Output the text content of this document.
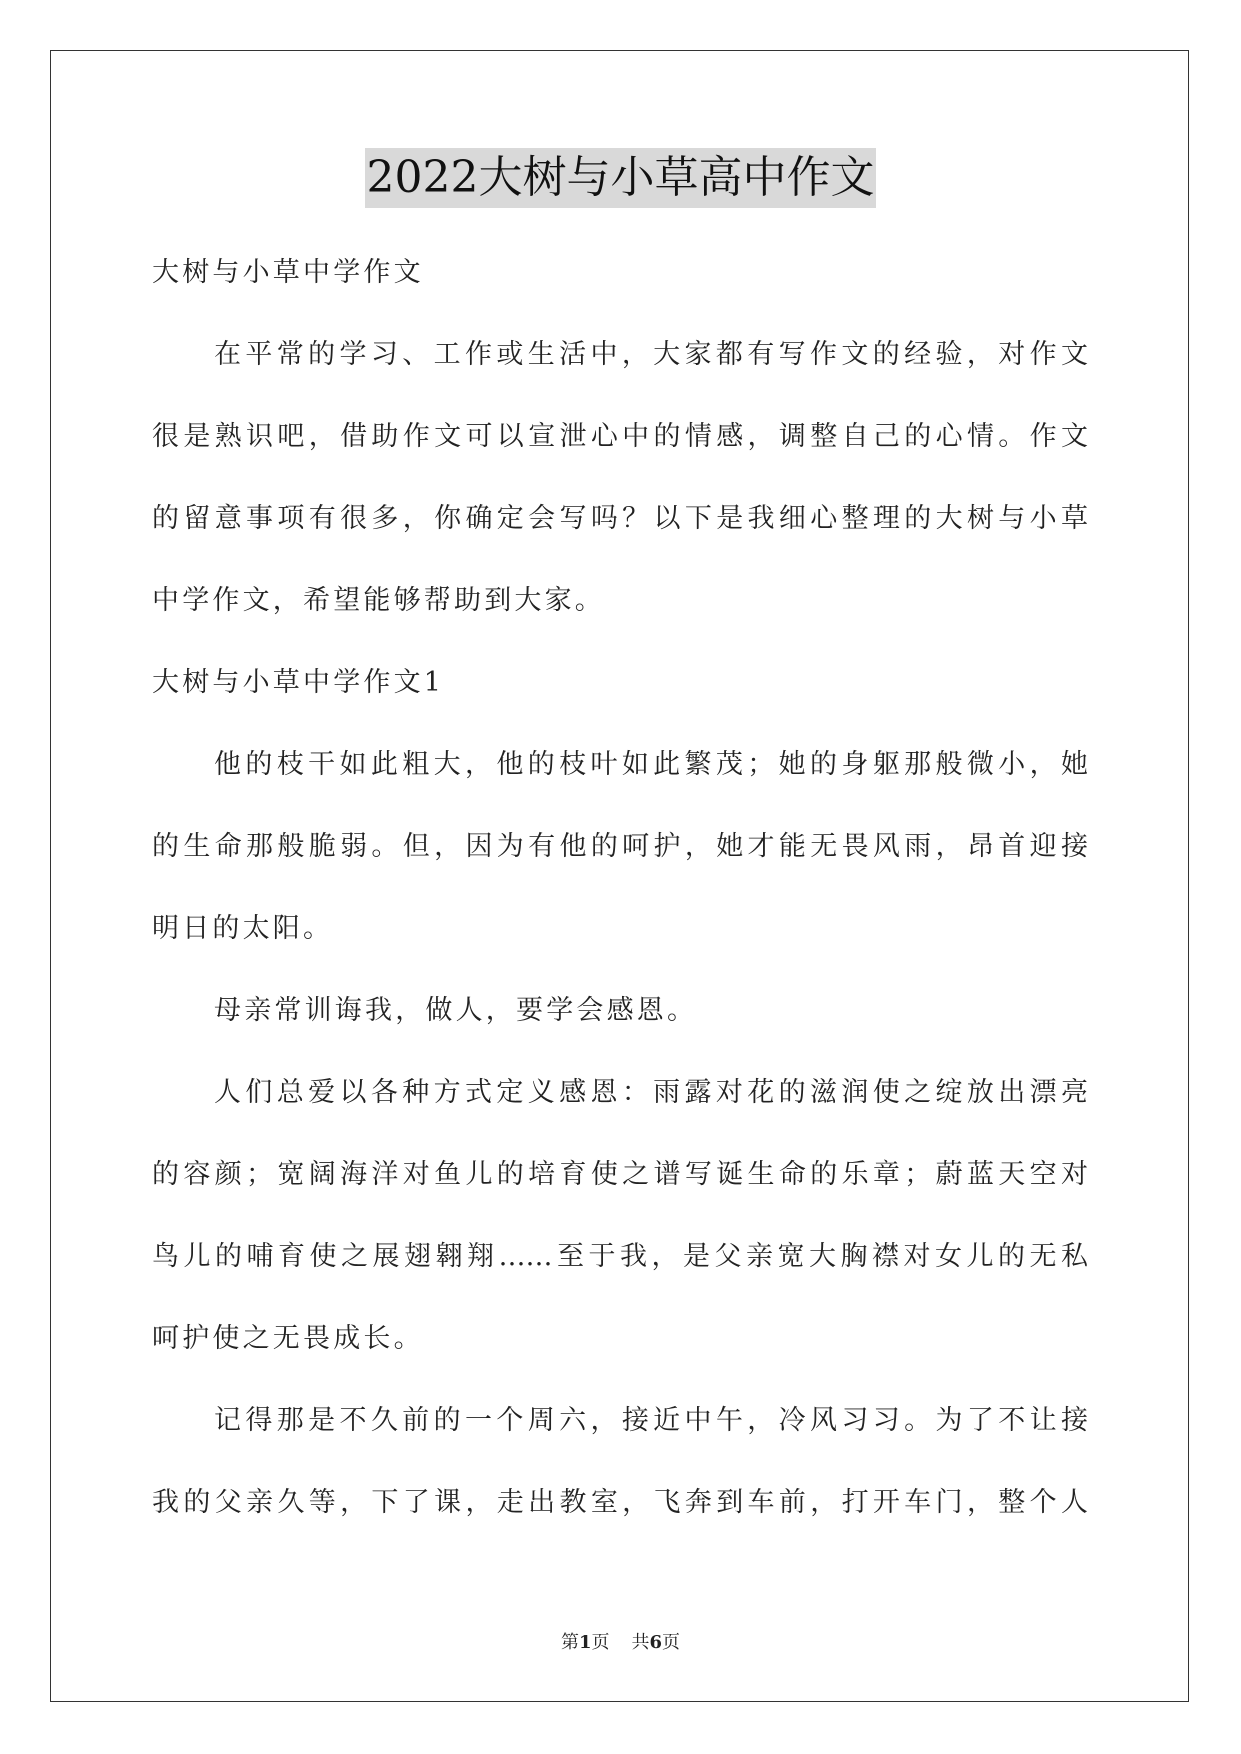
2022大树与小草高中作文
大树与小草中学作文
在平常的学习、工作或生活中，大家都有写作文的经验，对作文
很是熟识吧，借助作文可以宣泄心中的情感，调整自己的心情。作文
的留意事项有很多，你确定会写吗？以下是我细心整理的大树与小草
中学作文，希望能够帮助到大家。
大树与小草中学作文1
他的枝干如此粗大，他的枝叶如此繁茂；她的身躯那般微小，她
的生命那般脆弱。但，因为有他的呵护，她才能无畏风雨，昂首迎接
明日的太阳。
母亲常训诲我，做人，要学会感恩。
人们总爱以各种方式定义感恩：雨露对花的滋润使之绽放出漂亮
的容颜；宽阔海洋对鱼儿的培育使之谱写诞生命的乐章；蔚蓝天空对
鸟儿的哺育使之展翅翱翔……至于我，是父亲宽大胸襟对女儿的无私
呵护使之无畏成长。
记得那是不久前的一个周六，接近中午，冷风习习。为了不让接
我的父亲久等，下了课，走出教室，飞奔到车前，打开车门，整个人
第1页 共6页
